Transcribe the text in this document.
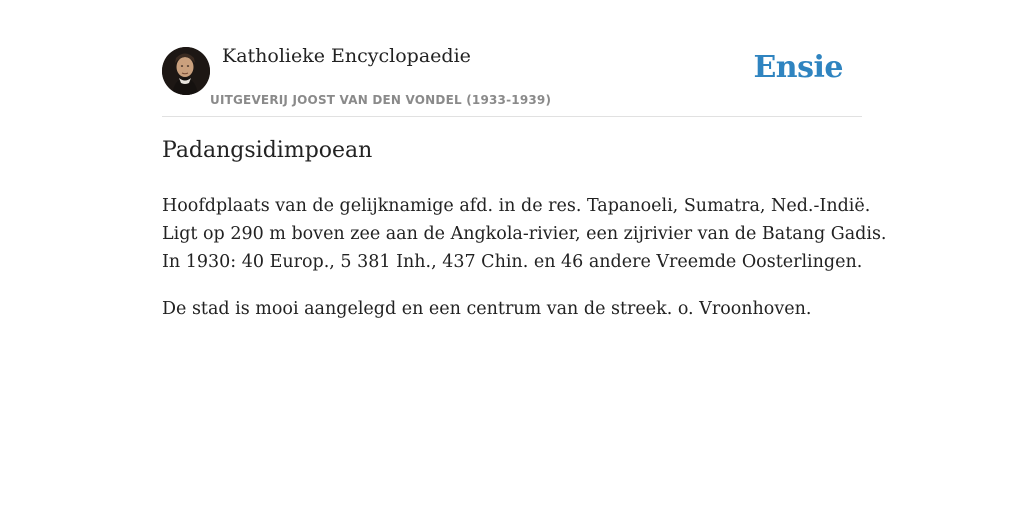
Katholieke Encyclopaedie
UITGEVERIJ JOOST VAN DEN VONDEL (1933-1939)
Ensie
Padangsidimpoean

Hoofdplaats van de gelijknamige afd. in de res. Tapanoeli, Sumatra, Ned.-Indië.
Ligt op 290 m boven zee aan de Angkola-rivier, een zijrivier van de Batang Gadis.
In 1930: 40 Europ., 5 381 Inh., 437 Chin. en 46 andere Vreemde Oosterlingen.

De stad is mooi aangelegd en een centrum van de streek. o. Vroonhoven.
